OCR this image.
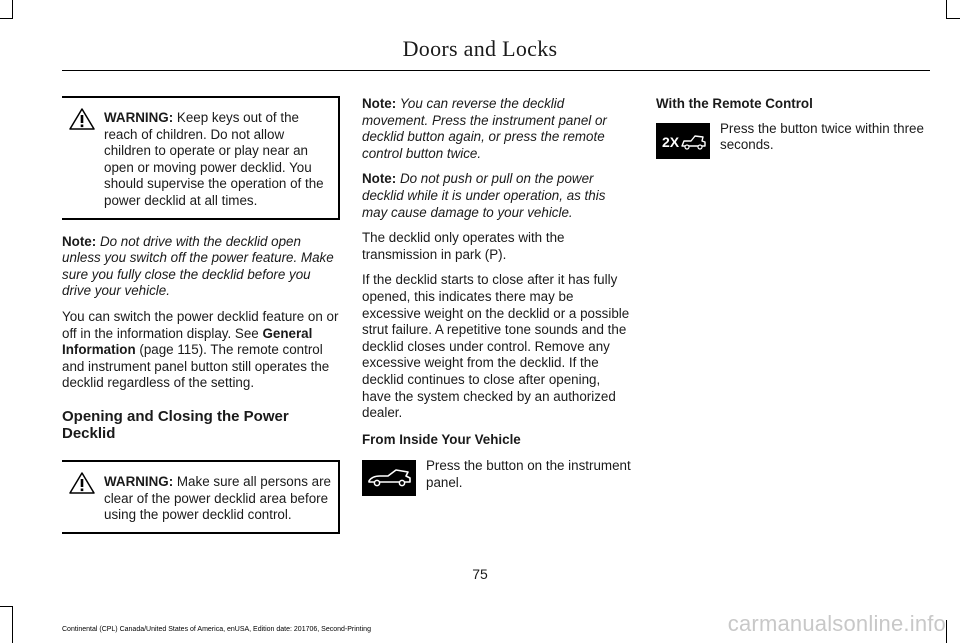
Doors and Locks

WARNING: Keep keys out of the reach of children. Do not allow children to operate or play near an open or moving power decklid. You should supervise the operation of the power decklid at all times.

Note: Do not drive with the decklid open unless you switch off the power feature. Make sure you fully close the decklid before you drive your vehicle.

You can switch the power decklid feature on or off in the information display. See General Information (page 115). The remote control and instrument panel button still operates the decklid regardless of the setting.

Opening and Closing the Power Decklid

WARNING: Make sure all persons are clear of the power decklid area before using the power decklid control.

Note: You can reverse the decklid movement. Press the instrument panel or decklid button again, or press the remote control button twice.

Note: Do not push or pull on the power decklid while it is under operation, as this may cause damage to your vehicle.

The decklid only operates with the transmission in park (P).

If the decklid starts to close after it has fully opened, this indicates there may be excessive weight on the decklid or a possible strut failure. A repetitive tone sounds and the decklid closes under control. Remove any excessive weight from the decklid. If the decklid continues to close after opening, have the system checked by an authorized dealer.

From Inside Your Vehicle

Press the button on the instrument panel.

With the Remote Control

2X
Press the button twice within three seconds.
75
Continental (CPL) Canada/United States of America, enUSA, Edition date: 201706, Second-Printing	carmanualsonline.info
